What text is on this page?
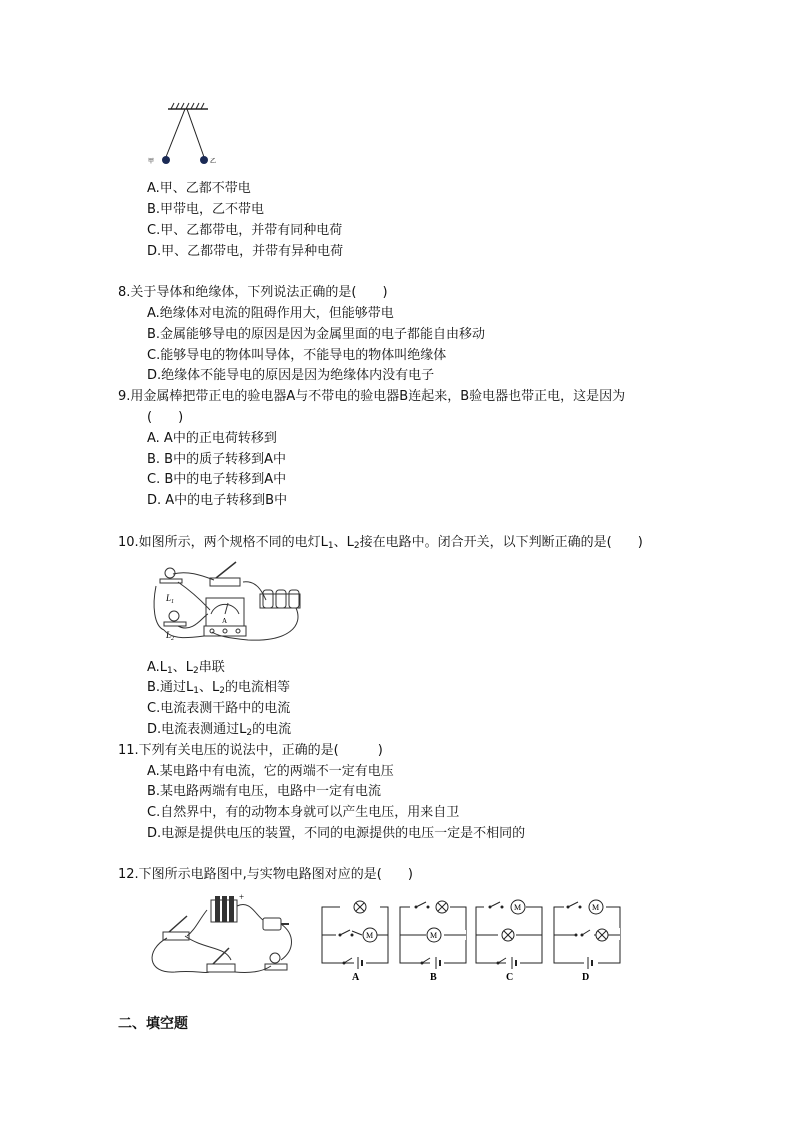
甲	乙
A.甲、乙都不带电
B.甲带电，乙不带电
C.甲、乙都带电，并带有同种电荷
D.甲、乙都带电，并带有异种电荷
8.关于导体和绝缘体，下列说法正确的是(　　)
A.绝缘体对电流的阻碍作用大，但能够带电
B.金属能够导电的原因是因为金属里面的电子都能自由移动
C.能够导电的物体叫导体，不能导电的物体叫绝缘体
D.绝缘体不能导电的原因是因为绝缘体内没有电子
9.用金属棒把带正电的验电器A与不带电的验电器B连起来，B验电器也带正电，这是因为
(　　)
A. A中的正电荷转移到
B. B中的质子转移到A中
C. B中的电子转移到A中
D. A中的电子转移到B中
10.如图所示，两个规格不同的电灯$L_1$、$L_2$接在电路中。闭合开关，以下判断正确的是(　　)
$L_1$
$L_2$
A
$A.L_1$、$L_2$串联
B.通过$L_1$、$L_2$的电流相等
C.电流表测干路中的电流
D.电流表测通过$L_2$的电流
11.下列有关电压的说法中，正确的是(　　　)
A.某电路中有电流，它的两端不一定有电压
B.某电路两端有电压，电路中一定有电流
C.自然界中，有的动物本身就可以产生电压，用来自卫
D.电源是提供电压的装置，不同的电源提供的电压一定是不相同的
12.下图所示电路图中,与实物电路图对应的是(　　)
+
M	M
M	M
A	B	C	D
二、填空题
